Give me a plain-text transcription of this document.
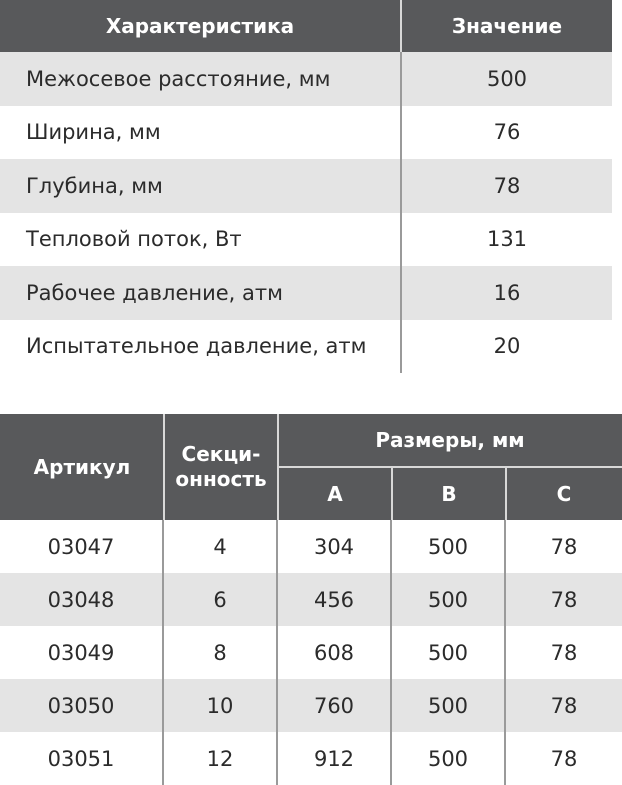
Характеристика	Значение
Межосевое расстояние, мм	500
Ширина, мм	76
Глубина, мм	78
Тепловой поток, Вт	131
Рабочее давление, атм	16
Испытательное давление, атм	20
Артикул
Секци-
онность
Размеры, мм
А	В	С
03047	4	304	500	78
03048	6	456	500	78
03049	8	608	500	78
03050	10	760	500	78
03051	12	912	500	78
